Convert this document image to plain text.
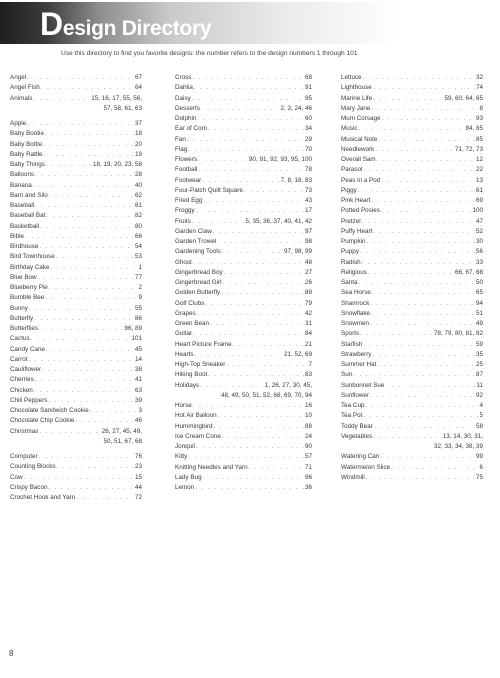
Design Directory
Use this directory to find you favorite designs: the number refers to the design numbers 1 through 101
Angel . . .	67
Angel Fish . . .	64
Animals . . .	15, 16, 17, 55, 56,
57, 58, 61, 63
Apple . . .	37
Baby Bootie . . .	18
Baby Bottle . . .	20
Baby Rattle . . .	19
Baby Things . . .	18, 19, 20, 23, 58
Balloons . . .	28
Banana . . .	40
Barn and Silo . . .	62
Baseball . . .	81
Baseball Bat . . .	82
Basketball . . .	80
Bible . . .	66
Birdhouse . . .	54
Bird Townhouse . . .	53
Birthday Cake . . .	1
Blue Bow . . .	77
Blueberry Pie . . .	2
Bumble Bee . . .	9
Bunny . . .	55
Butterfly . . .	86
Butterflies . . .	86, 89
Cactus . . .	101
Candy Cane . . .	45
Carrot . . .	14
Cauliflower . . .	38
Cherries . . .	41
Chicken . . .	63
Chili Peppers . . .	39
Chocolate Sandwich Cookie . . .	3
Chocolate Chip Cookie . . .	46
Christmas . . .	26, 27, 45, 49,
50, 51, 67, 68
Computer . . .	76
Counting Blocks . . .	23
Cow . . .	15
Crispy Bacon . . .	44
Crochet Hook and Yarn . . .	72
Cross . . .	68
Dahlia . . .	91
Daisy . . .	95
Desserts . . .	2, 3, 24, 46
Dolphin . . .	60
Ear of Corn . . .	34
Fan . . .	29
Flag . . .	70
Flowers . . .	90, 91, 92, 93, 95, 100
Football . . .	78
Footwear . . .	7, 8, 18, 83
Four-Patch Quilt Square . . .	73
Fried Egg . . .	43
Froggy . . .	17
Fruits . . .	5, 35, 36, 37, 40, 41, 42
Garden Claw . . .	97
Garden Trowel . . .	98
Gardening Tools . . .	97, 98, 99
Ghost . . .	48
Gingerbread Boy . . .	27
Gingerbread Girl . . .	26
Golden Butterfly . . .	89
Golf Clubs . . .	79
Grapes . . .	42
Green Bean . . .	31
Guitar . . .	84
Heart Picture Frame . . .	21
Hearts . . .	21, 52, 69
High-Top Sneaker . . .	7
Hiking Boot . . .	83
Holidays . . .	1, 26, 27, 30, 45,
48, 49, 50, 51, 52, 68, 69, 70, 94
Horse . . .	16
Hot Air Balloon . . .	10
Hummingbird . . .	88
Ice Cream Cone . . .	24
Jonquil . . .	90
Kitty . . .	57
Knitting Needles and Yarn . . .	71
Lady Bug . . .	96
Lemon . . .	36
Lettuce . . .	32
Lighthouse . . .	74
Marine Life . . .	59, 60, 64, 65
Mary Jane . . .	8
Mum Corsage . . .	93
Music . . .	84, 85
Musical Note . . .	85
Needlework . . .	71, 72, 73
Overall Sam . . .	12
Parasol . . .	22
Peas in a Pod . . .	13
Piggy . . .	61
Pink Heart . . .	69
Potted Posies . . .	100
Pretzel . . .	47
Puffy Heart . . .	52
Pumpkin . . .	30
Puppy . . .	56
Radish . . .	33
Religious . . .	66, 67, 68
Santa . . .	50
Sea Horse . . .	65
Shamrock . . .	94
Snowflake . . .	51
Snowmen . . .	49
Sports . . .	78, 79, 80, 81, 82
Starfish . . .	59
Strawberry . . .	35
Summer Hat . . .	25
Sun . . .	87
Sunbonnet Sue . . .	11
Sunflower . . .	92
Tea Cup . . .	4
Tea Pot . . .	5
Toddy Bear . . .	58
Vegetables . . .	13, 14, 30, 31,
32, 33, 34, 38, 39
Watering Can . . .	99
Watermelon Slice . . .	6
Windmill . . .	75
8
